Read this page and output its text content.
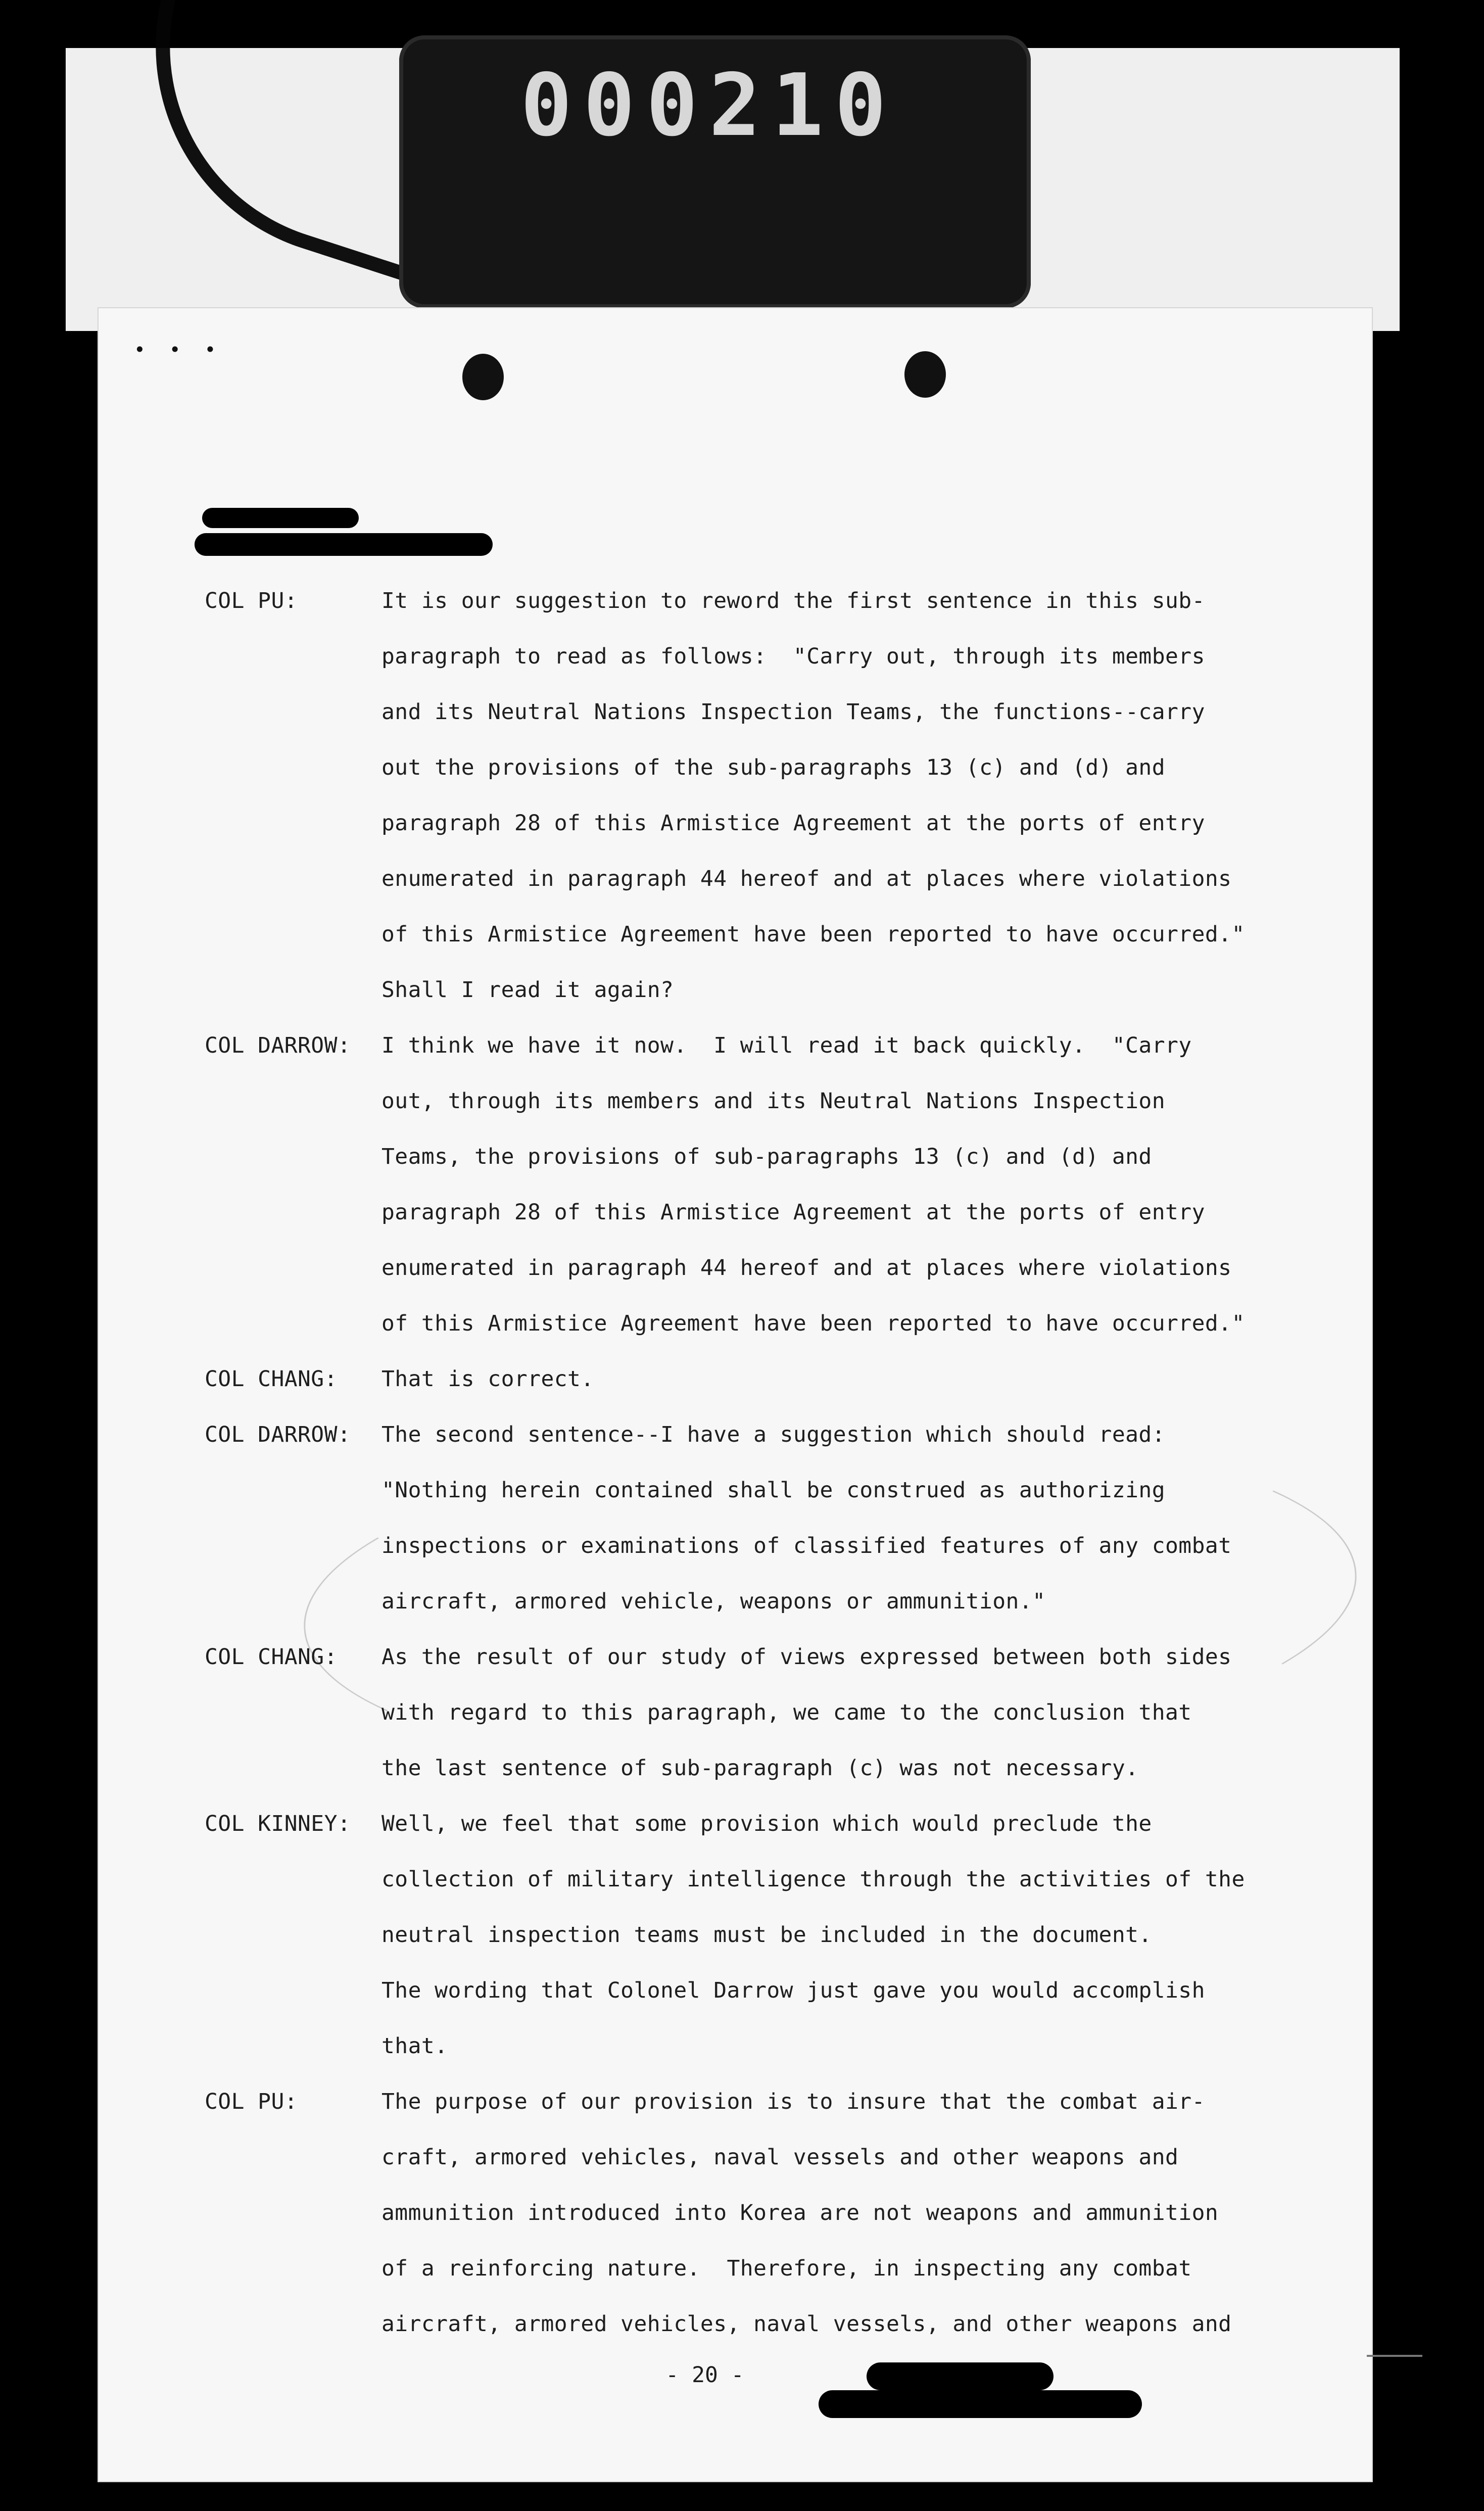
000210
• • •
COL PU:	It is our suggestion to reword the first sentence in this sub-
paragraph to read as follows:  "Carry out, through its members
and its Neutral Nations Inspection Teams, the functions--carry
out the provisions of the sub-paragraphs 13 (c) and (d) and
paragraph 28 of this Armistice Agreement at the ports of entry
enumerated in paragraph 44 hereof and at places where violations
of this Armistice Agreement have been reported to have occurred."
Shall I read it again?
COL DARROW:	I think we have it now.  I will read it back quickly.  "Carry
out, through its members and its Neutral Nations Inspection
Teams, the provisions of sub-paragraphs 13 (c) and (d) and
paragraph 28 of this Armistice Agreement at the ports of entry
enumerated in paragraph 44 hereof and at places where violations
of this Armistice Agreement have been reported to have occurred."
COL CHANG:	That is correct.
COL DARROW:	The second sentence--I have a suggestion which should read:
"Nothing herein contained shall be construed as authorizing
inspections or examinations of classified features of any combat
aircraft, armored vehicle, weapons or ammunition."
COL CHANG:	As the result of our study of views expressed between both sides
with regard to this paragraph, we came to the conclusion that
the last sentence of sub-paragraph (c) was not necessary.
COL KINNEY:	Well, we feel that some provision which would preclude the
collection of military intelligence through the activities of the
neutral inspection teams must be included in the document.
The wording that Colonel Darrow just gave you would accomplish
that.
COL PU:	The purpose of our provision is to insure that the combat air-
craft, armored vehicles, naval vessels and other weapons and
ammunition introduced into Korea are not weapons and ammunition
of a reinforcing nature.  Therefore, in inspecting any combat
aircraft, armored vehicles, naval vessels, and other weapons and
- 20 -
